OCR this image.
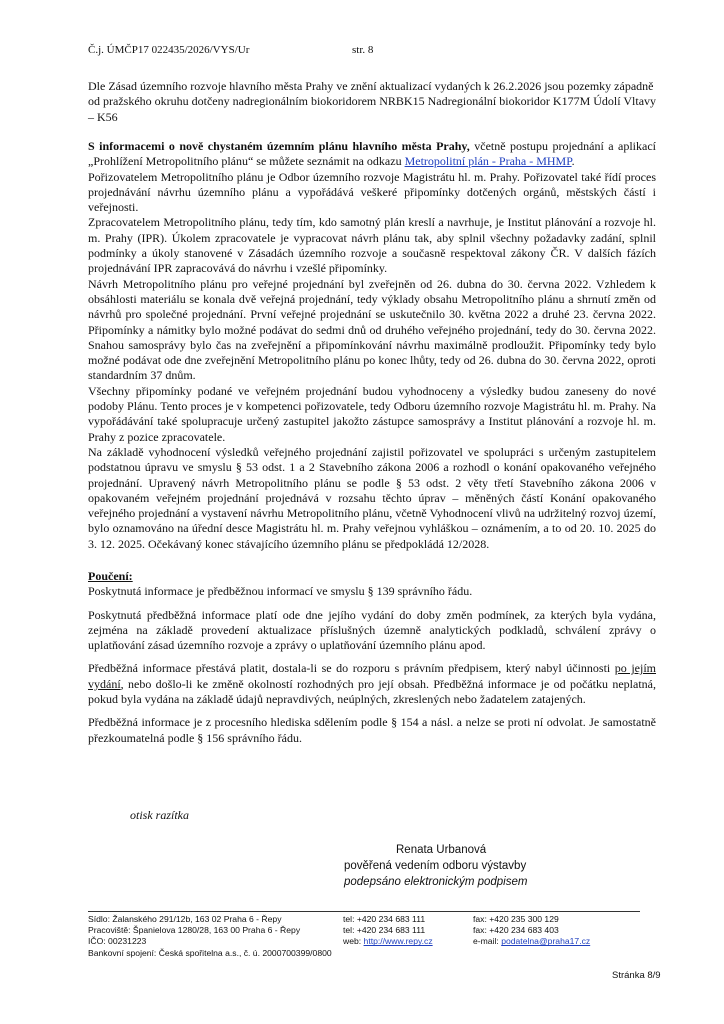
Č.j. ÚMČP17 022435/2026/VYS/Ur	str. 8

Dle Zásad územního rozvoje hlavního města Prahy ve znění aktualizací vydaných k 26.2.2026 jsou pozemky západně od pražského okruhu dotčeny nadregionálním biokoridorem NRBK15 Nadregionální biokoridor K177M Údolí Vltavy – K56

S informacemi o nově chystaném územním plánu hlavního města Prahy, včetně postupu projednání a aplikací „Prohlížení Metropolitního plánu“ se můžete seznámit na odkazu Metropolitní plán - Praha - MHMP.

Pořizovatelem Metropolitního plánu je Odbor územního rozvoje Magistrátu hl. m. Prahy. Pořizovatel také řídí proces projednávání návrhu územního plánu a vypořádává veškeré připomínky dotčených orgánů, městských částí i veřejnosti.

Zpracovatelem Metropolitního plánu, tedy tím, kdo samotný plán kreslí a navrhuje, je Institut plánování a rozvoje hl. m. Prahy (IPR). Úkolem zpracovatele je vypracovat návrh plánu tak, aby splnil všechny požadavky zadání, splnil podmínky a úkoly stanovené v Zásadách územního rozvoje a současně respektoval zákony ČR. V dalších fázích projednávání IPR zapracovává do návrhu i vzešlé připomínky.

Návrh Metropolitního plánu pro veřejné projednání byl zveřejněn od 26. dubna do 30. června 2022. Vzhledem k obsáhlosti materiálu se konala dvě veřejná projednání, tedy výklady obsahu Metropolitního plánu a shrnutí změn od návrhů pro společné projednání. První veřejné projednání se uskutečnilo 30. května 2022 a druhé 23. června 2022. Připomínky a námitky bylo možné podávat do sedmi dnů od druhého veřejného projednání, tedy do 30. června 2022. Snahou samosprávy bylo čas na zveřejnění a připomínkování návrhu maximálně prodloužit. Připomínky tedy bylo možné podávat ode dne zveřejnění Metropolitního plánu po konec lhůty, tedy od 26. dubna do 30. června 2022, oproti standardním 37 dnům.

Všechny připomínky podané ve veřejném projednání budou vyhodnoceny a výsledky budou zaneseny do nové podoby Plánu. Tento proces je v kompetenci pořizovatele, tedy Odboru územního rozvoje Magistrátu hl. m. Prahy. Na vypořádávání také spolupracuje určený zastupitel jakožto zástupce samosprávy a Institut plánování a rozvoje hl. m. Prahy z pozice zpracovatele.

Na základě vyhodnocení výsledků veřejného projednání zajistil pořizovatel ve spolupráci s určeným zastupitelem podstatnou úpravu ve smyslu § 53 odst. 1 a 2 Stavebního zákona 2006 a rozhodl o konání opakovaného veřejného projednání. Upravený návrh Metropolitního plánu se podle § 53 odst. 2 věty třetí Stavebního zákona 2006 v opakovaném veřejném projednání projednává v rozsahu těchto úprav – měněných částí Konání opakovaného veřejného projednání a vystavení návrhu Metropolitního plánu, včetně Vyhodnocení vlivů na udržitelný rozvoj území, bylo oznamováno na úřední desce Magistrátu hl. m. Prahy veřejnou vyhláškou – oznámením, a to od 20. 10. 2025 do 3. 12. 2025. Očekávaný konec stávajícího územního plánu se předpokládá 12/2028.

Poučení:

Poskytnutá informace je předběžnou informací ve smyslu § 139 správního řádu.

Poskytnutá předběžná informace platí ode dne jejího vydání do doby změn podmínek, za kterých byla vydána, zejména na základě provedení aktualizace příslušných územně analytických podkladů, schválení zprávy o uplatňování zásad územního rozvoje a zprávy o uplatňování územního plánu apod.

Předběžná informace přestává platit, dostala-li se do rozporu s právním předpisem, který nabyl účinnosti po jejím vydání, nebo došlo-li ke změně okolností rozhodných pro její obsah. Předběžná informace je od počátku neplatná, pokud byla vydána na základě údajů nepravdivých, neúplných, zkreslených nebo žadatelem zatajených.

Předběžná informace je z procesního hlediska sdělením podle § 154 a násl. a nelze se proti ní odvolat. Je samostatně přezkoumatelná podle § 156 správního řádu.

otisk razítka
Renata Urbanová
pověřená vedením odboru výstavby
podepsáno elektronickým podpisem
Sídlo: Žalanského 291/12b, 163 02 Praha 6 - Řepy
Pracoviště: Španielova 1280/28, 163 00 Praha 6 - Řepy
IČO: 00231223
Bankovní spojení: Česká spořitelna a.s., č. ú. 2000700399/0800
tel: +420 234 683 111
tel: +420 234 683 111
web: http://www.repy.cz
fax: +420 235 300 129
fax: +420 234 683 403
e-mail: podatelna@praha17.cz
Stránka 8/9
